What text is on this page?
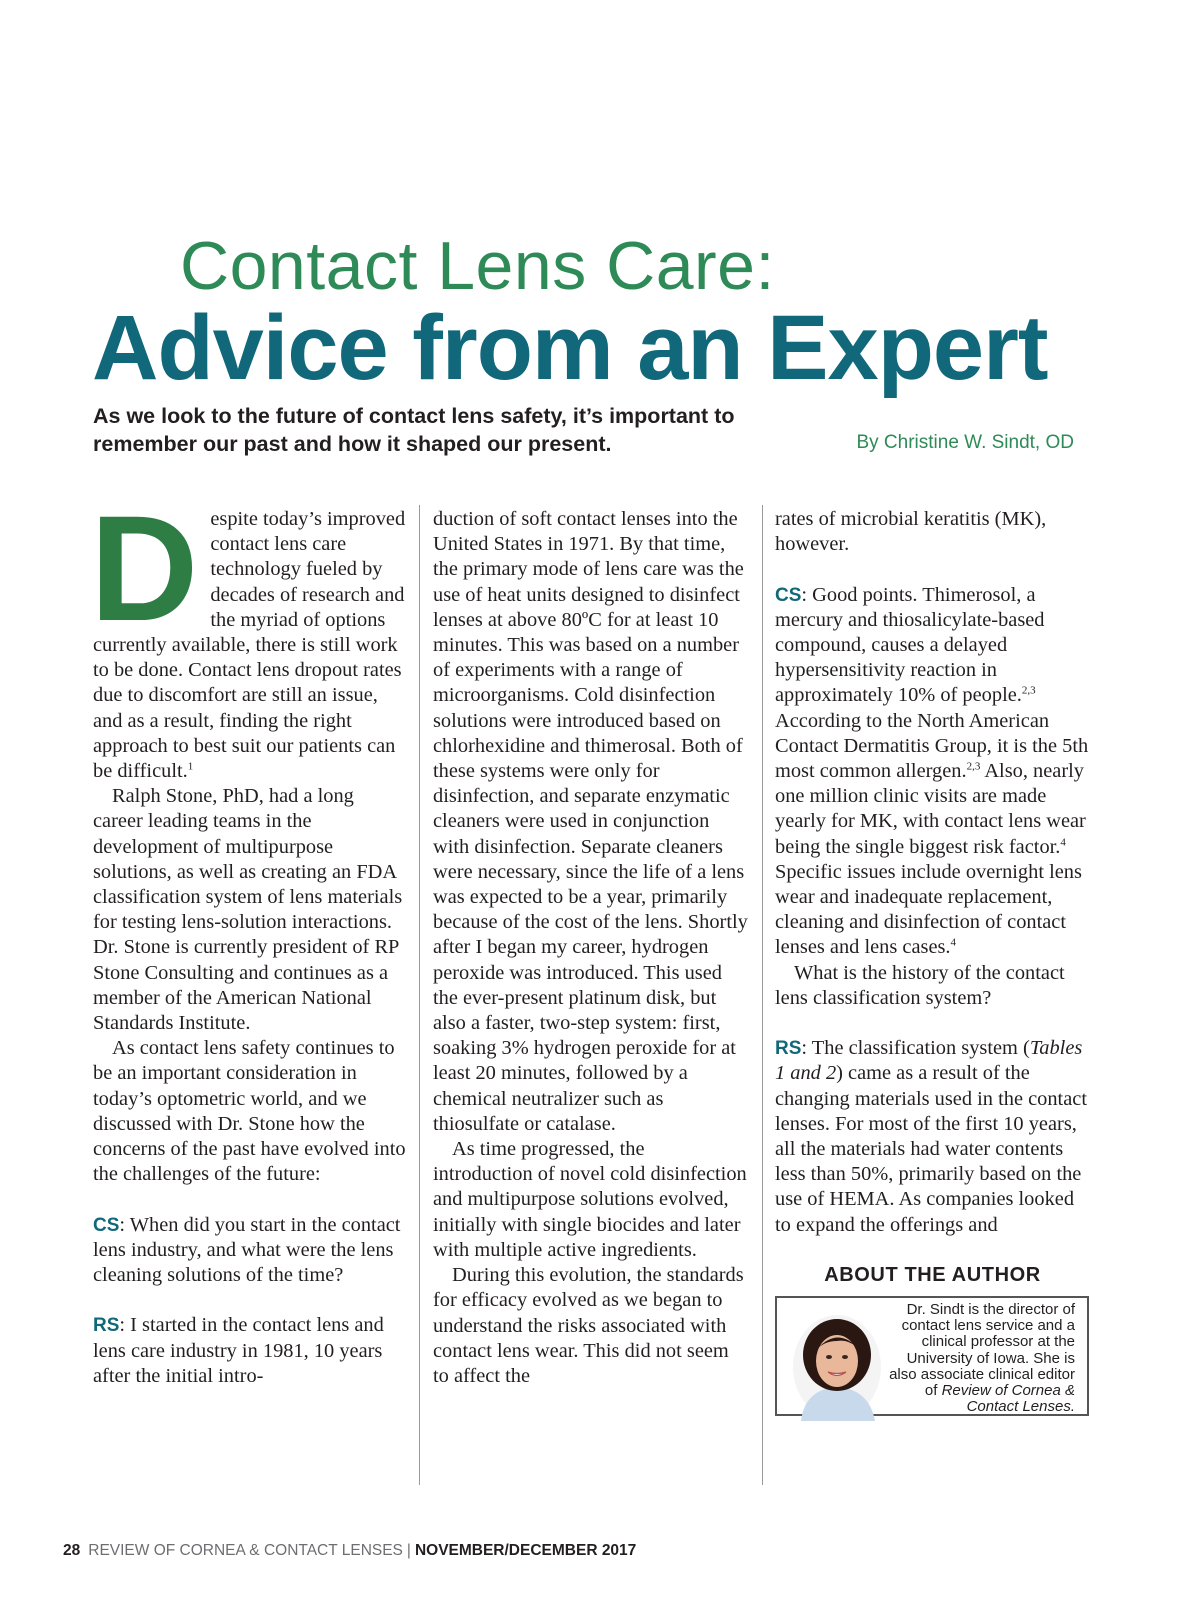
Contact Lens Care:
Advice from an Expert

As we look to the future of contact lens safety, it’s important to remember our past and how it shaped our present.	By Christine W. Sindt, OD

Despite today’s improved contact lens care technology fueled by decades of research and the myriad of options currently available, there is still work to be done. Contact lens dropout rates due to discomfort are still an issue, and as a result, finding the right approach to best suit our patients can be difficult.$^1$

Ralph Stone, PhD, had a long career leading teams in the development of multipurpose solutions, as well as creating an FDA classification system of lens materials for testing lens-solution interactions. Dr. Stone is currently president of RP Stone Consulting and continues as a member of the American National Standards Institute.

As contact lens safety continues to be an important consideration in today’s optometric world, and we discussed with Dr. Stone how the concerns of the past have evolved into the challenges of the future:

CS: When did you start in the contact lens industry, and what were the lens cleaning solutions of the time?

RS: I started in the contact lens and lens care industry in 1981, 10 years after the initial intro-

duction of soft contact lenses into the United States in 1971. By that time, the primary mode of lens care was the use of heat units designed to disinfect lenses at above 80ºC for at least 10 minutes. This was based on a number of experiments with a range of microorganisms. Cold disinfection solutions were introduced based on chlorhexidine and thimerosal. Both of these systems were only for disinfection, and separate enzymatic cleaners were used in conjunction with disinfection. Separate cleaners were necessary, since the life of a lens was expected to be a year, primarily because of the cost of the lens. Shortly after I began my career, hydrogen peroxide was introduced. This used the ever-present platinum disk, but also a faster, two-step system: first, soaking 3% hydrogen peroxide for at least 20 minutes, followed by a chemical neutralizer such as thiosulfate or catalase.

As time progressed, the introduction of novel cold disinfection and multipurpose solutions evolved, initially with single biocides and later with multiple active ingredients.

During this evolution, the standards for efficacy evolved as we began to understand the risks associated with contact lens wear. This did not seem to affect the

rates of microbial keratitis (MK), however.

CS: Good points. Thimerosol, a mercury and thiosalicylate-based compound, causes a delayed hypersensitivity reaction in approximately 10% of people.$^{2,3}$ According to the North American Contact Dermatitis Group, it is the 5th most common allergen.$^{2,3}$ Also, nearly one million clinic visits are made yearly for MK, with contact lens wear being the single biggest risk factor.$^4$ Specific issues include overnight lens wear and inadequate replacement, cleaning and disinfection of contact lenses and lens cases.$^4$

What is the history of the contact lens classification system?

RS: The classification system (Tables 1 and 2) came as a result of the changing materials used in the contact lenses. For most of the first 10 years, all the materials had water contents less than 50%, primarily based on the use of HEMA. As companies looked to expand the offerings and

ABOUT THE AUTHOR

Dr. Sindt is the director of contact lens service and a clinical professor at the University of Iowa. She is also associate clinical editor of Review of Cornea & Contact Lenses.

28 REVIEW OF CORNEA & CONTACT LENSES | NOVEMBER/DECEMBER 2017
